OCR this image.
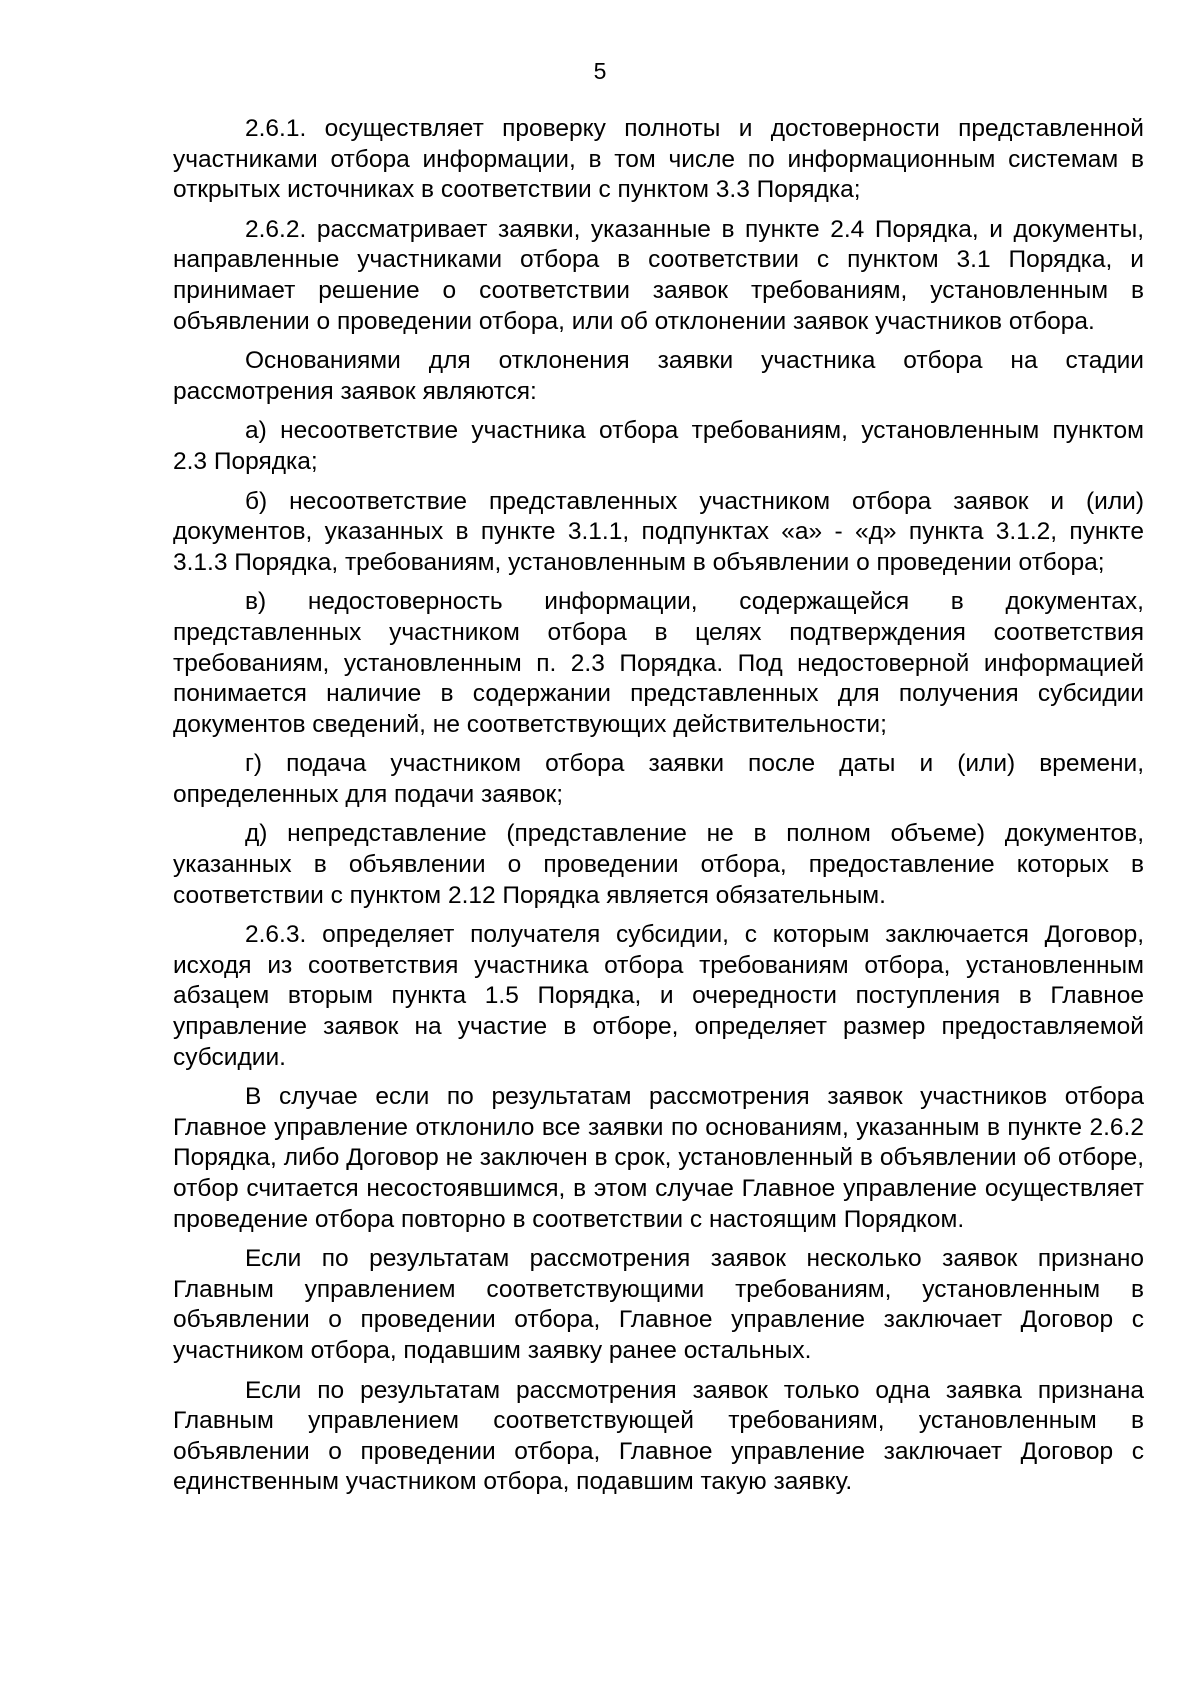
5

2.6.1. осуществляет проверку полноты и достоверности представленной участниками отбора информации, в том числе по информационным системам в открытых источниках в соответствии с пунктом 3.3 Порядка;

2.6.2. рассматривает заявки, указанные в пункте 2.4 Порядка, и документы, направленные участниками отбора в соответствии с пунктом 3.1 Порядка, и принимает решение о соответствии заявок требованиям, установленным в объявлении о проведении отбора, или об отклонении заявок участников отбора.

Основаниями для отклонения заявки участника отбора на стадии рассмотрения заявок являются:

а) несоответствие участника отбора требованиям, установленным пунктом 2.3 Порядка;

б) несоответствие представленных участником отбора заявок и (или) документов, указанных в пункте 3.1.1, подпунктах «а» - «д» пункта 3.1.2, пункте 3.1.3 Порядка, требованиям, установленным в объявлении о проведении отбора;

в) недостоверность информации, содержащейся в документах, представленных участником отбора в целях подтверждения соответствия требованиям, установленным п. 2.3 Порядка. Под недостоверной информацией понимается наличие в содержании представленных для получения субсидии документов сведений, не соответствующих действительности;

г) подача участником отбора заявки после даты и (или) времени, определенных для подачи заявок;

д) непредставление (представление не в полном объеме) документов, указанных в объявлении о проведении отбора, предоставление которых в соответствии с пунктом 2.12 Порядка является обязательным.

2.6.3. определяет получателя субсидии, с которым заключается Договор, исходя из соответствия участника отбора требованиям отбора, установленным абзацем вторым пункта 1.5 Порядка, и очередности поступления в Главное управление заявок на участие в отборе, определяет размер предоставляемой субсидии.

В случае если по результатам рассмотрения заявок участников отбора Главное управление отклонило все заявки по основаниям, указанным в пункте 2.6.2 Порядка, либо Договор не заключен в срок, установленный в объявлении об отборе, отбор считается несостоявшимся, в этом случае Главное управление осуществляет проведение отбора повторно в соответствии с настоящим Порядком.

Если по результатам рассмотрения заявок несколько заявок признано Главным управлением соответствующими требованиям, установленным в объявлении о проведении отбора, Главное управление заключает Договор с участником отбора, подавшим заявку ранее остальных.

Если по результатам рассмотрения заявок только одна заявка признана Главным управлением соответствующей требованиям, установленным в объявлении о проведении отбора, Главное управление заключает Договор с единственным участником отбора, подавшим такую заявку.
